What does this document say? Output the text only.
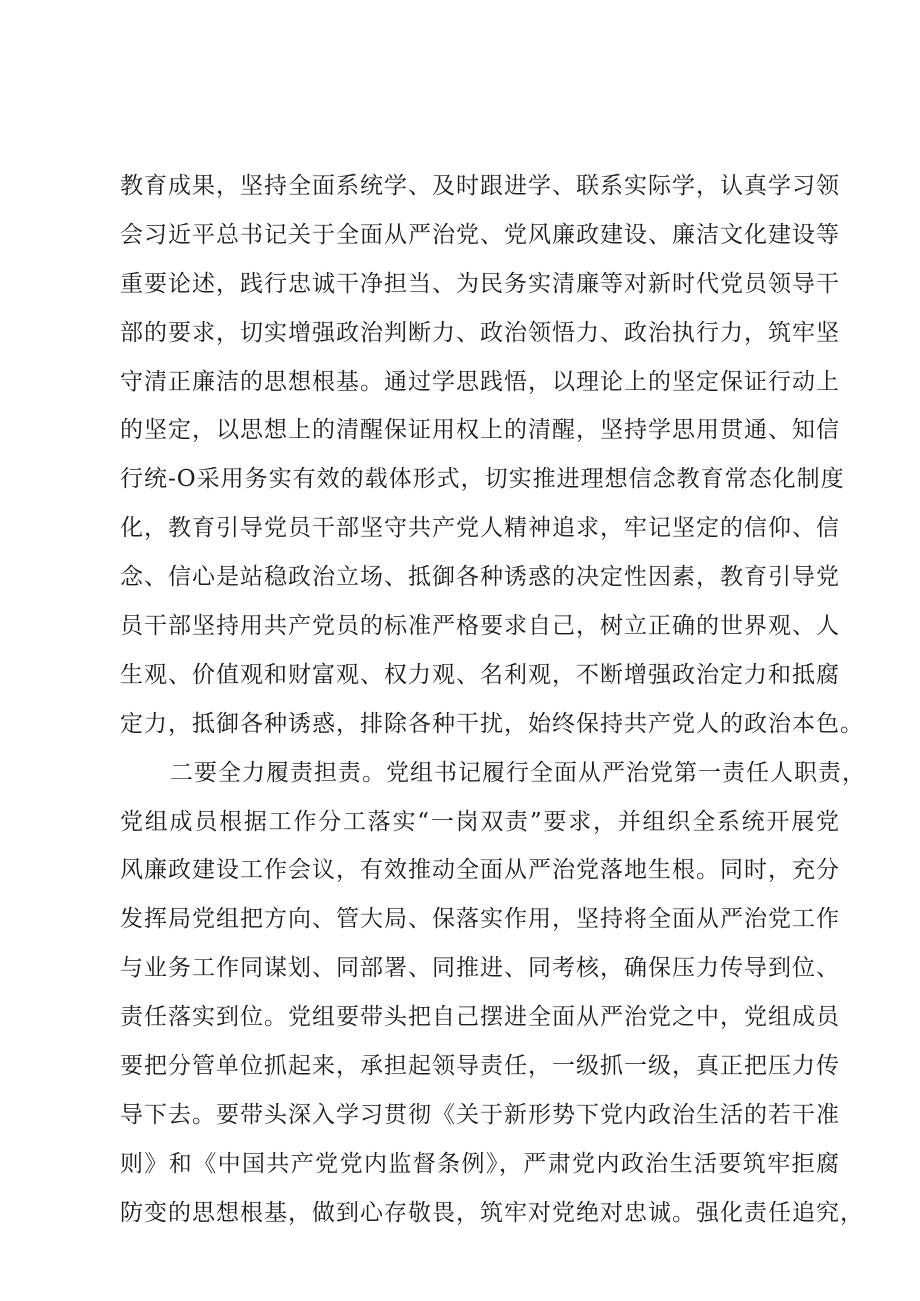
教育成果，坚持全面系统学、及时跟进学、联系实际学，认真学习领
会习近平总书记关于全面从严治党、党风廉政建设、廉洁文化建设等
重要论述，践行忠诚干净担当、为民务实清廉等对新时代党员领导干
部的要求，切实增强政治判断力、政治领悟力、政治执行力，筑牢坚
守清正廉洁的思想根基。通过学思践悟，以理论上的坚定保证行动上
的坚定，以思想上的清醒保证用权上的清醒，坚持学思用贯通、知信
行统-O采用务实有效的载体形式，切实推进理想信念教育常态化制度
化，教育引导党员干部坚守共产党人精神追求，牢记坚定的信仰、信
念、信心是站稳政治立场、抵御各种诱惑的决定性因素，教育引导党
员干部坚持用共产党员的标准严格要求自己，树立正确的世界观、人
生观、价值观和财富观、权力观、名利观，不断增强政治定力和抵腐
定力，抵御各种诱惑，排除各种干扰，始终保持共产党人的政治本色。
二要全力履责担责。党组书记履行全面从严治党第一责任人职责，
党组成员根据工作分工落实“一岗双责”要求，并组织全系统开展党
风廉政建设工作会议，有效推动全面从严治党落地生根。同时，充分
发挥局党组把方向、管大局、保落实作用，坚持将全面从严治党工作
与业务工作同谋划、同部署、同推进、同考核，确保压力传导到位、
责任落实到位。党组要带头把自己摆进全面从严治党之中，党组成员
要把分管单位抓起来，承担起领导责任，一级抓一级，真正把压力传
导下去。要带头深入学习贯彻《关于新形势下党内政治生活的若干准
则》和《中国共产党党内监督条例》，严肃党内政治生活要筑牢拒腐
防变的思想根基，做到心存敬畏，筑牢对党绝对忠诚。强化责任追究，
